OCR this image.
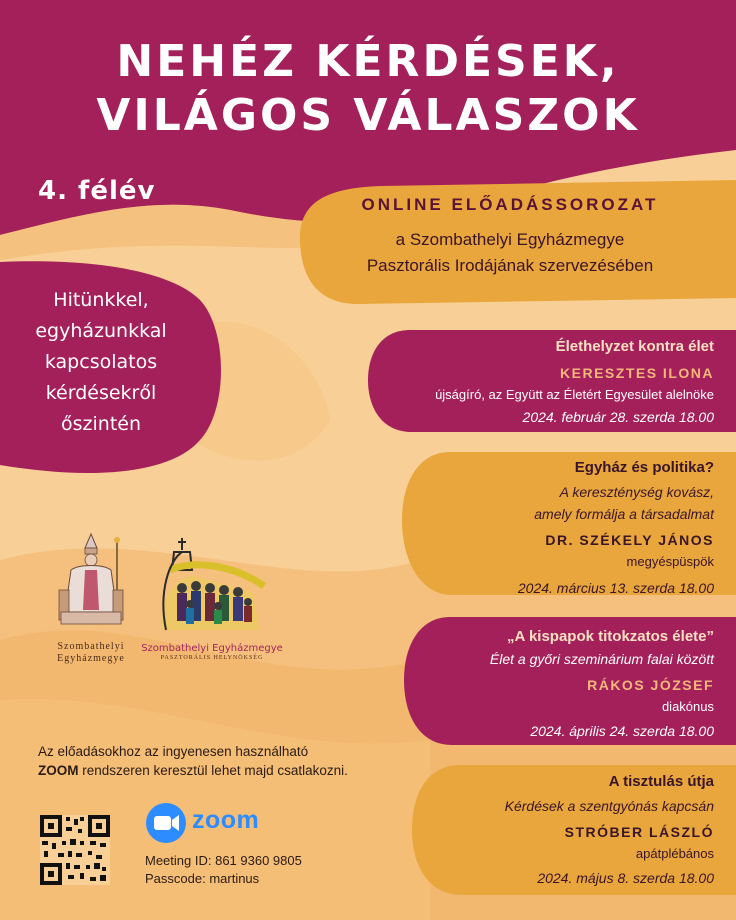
NEHÉZ KÉRDÉSEK,
VILÁGOS VÁLASZOK
4. félév	ONLINE ELŐADÁSSOROZAT
a Szombathelyi Egyházmegye
Pasztorális Irodájának szervezésében
Hitünkkel,
egyházunkkal
kapcsolatos
kérdésekről
őszintén
Élethelyzet kontra élet
KERESZTES ILONA
újságíró, az Együtt az Életért Egyesület alelnöke
2024. február 28. szerda 18.00
Egyház és politika?
A kereszténység kovász,
amely formálja a társadalmat
DR. SZÉKELY JÁNOS
megyéspüspök
2024. március 13. szerda 18.00
„A kispapok titokzatos élete”
Élet a győri szeminárium falai között
RÁKOS JÓZSEF
diakónus
2024. április 24. szerda 18.00
A tisztulás útja
Kérdések a szentgyónás kapcsán
STRÓBER LÁSZLÓ
apátplébános
2024. május 8. szerda 18.00
Szombathelyi
Egyházmegye
Szombathelyi Egyházmegye
PASZTORÁLIS HELYNÖKSÉG
Az előadásokhoz az ingyenesen használható
ZOOM rendszeren keresztül lehet majd csatlakozni.
zoom
Meeting ID: 861 9360 9805
Passcode: martinus
